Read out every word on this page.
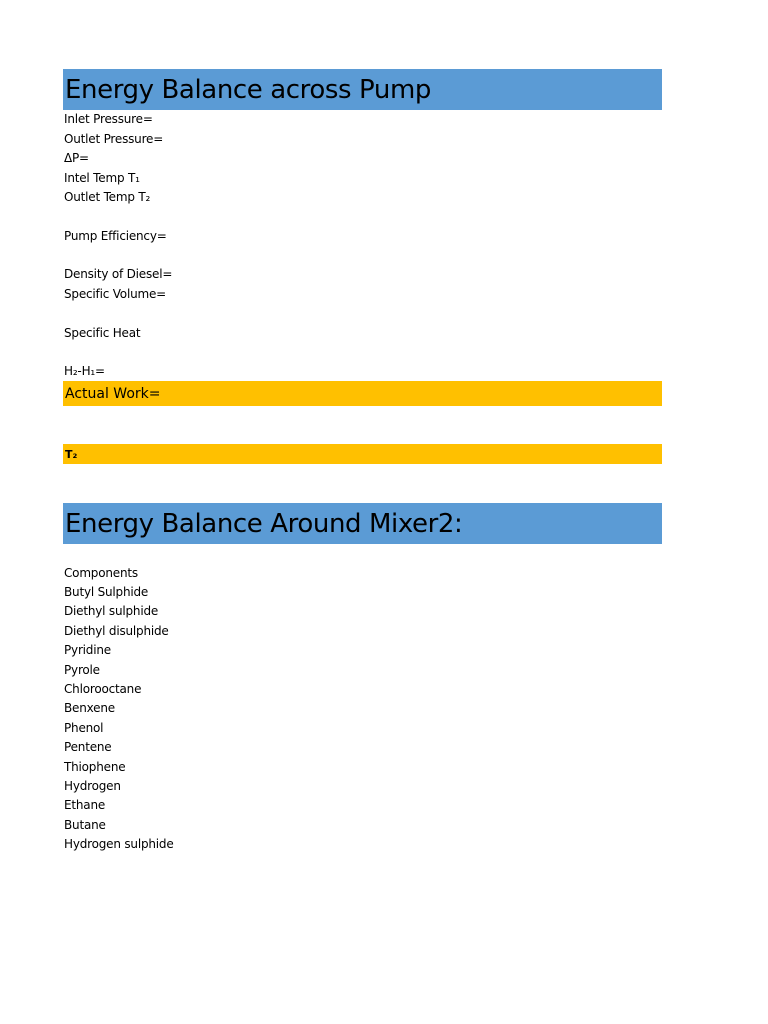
Energy Balance across Pump
Inlet Pressure=
Outlet Pressure=
ΔP=
Intel Temp T₁
Outlet Temp T₂
Pump Efficiency=
Density of Diesel=
Specific Volume=
Specific Heat
H₂-H₁=
Actual Work=
T₂
Energy Balance Around Mixer2:
Components
Butyl Sulphide
Diethyl sulphide
Diethyl disulphide
Pyridine
Pyrole
Chlorooctane
Benxene
Phenol
Pentene
Thiophene
Hydrogen
Ethane
Butane
Hydrogen sulphide
